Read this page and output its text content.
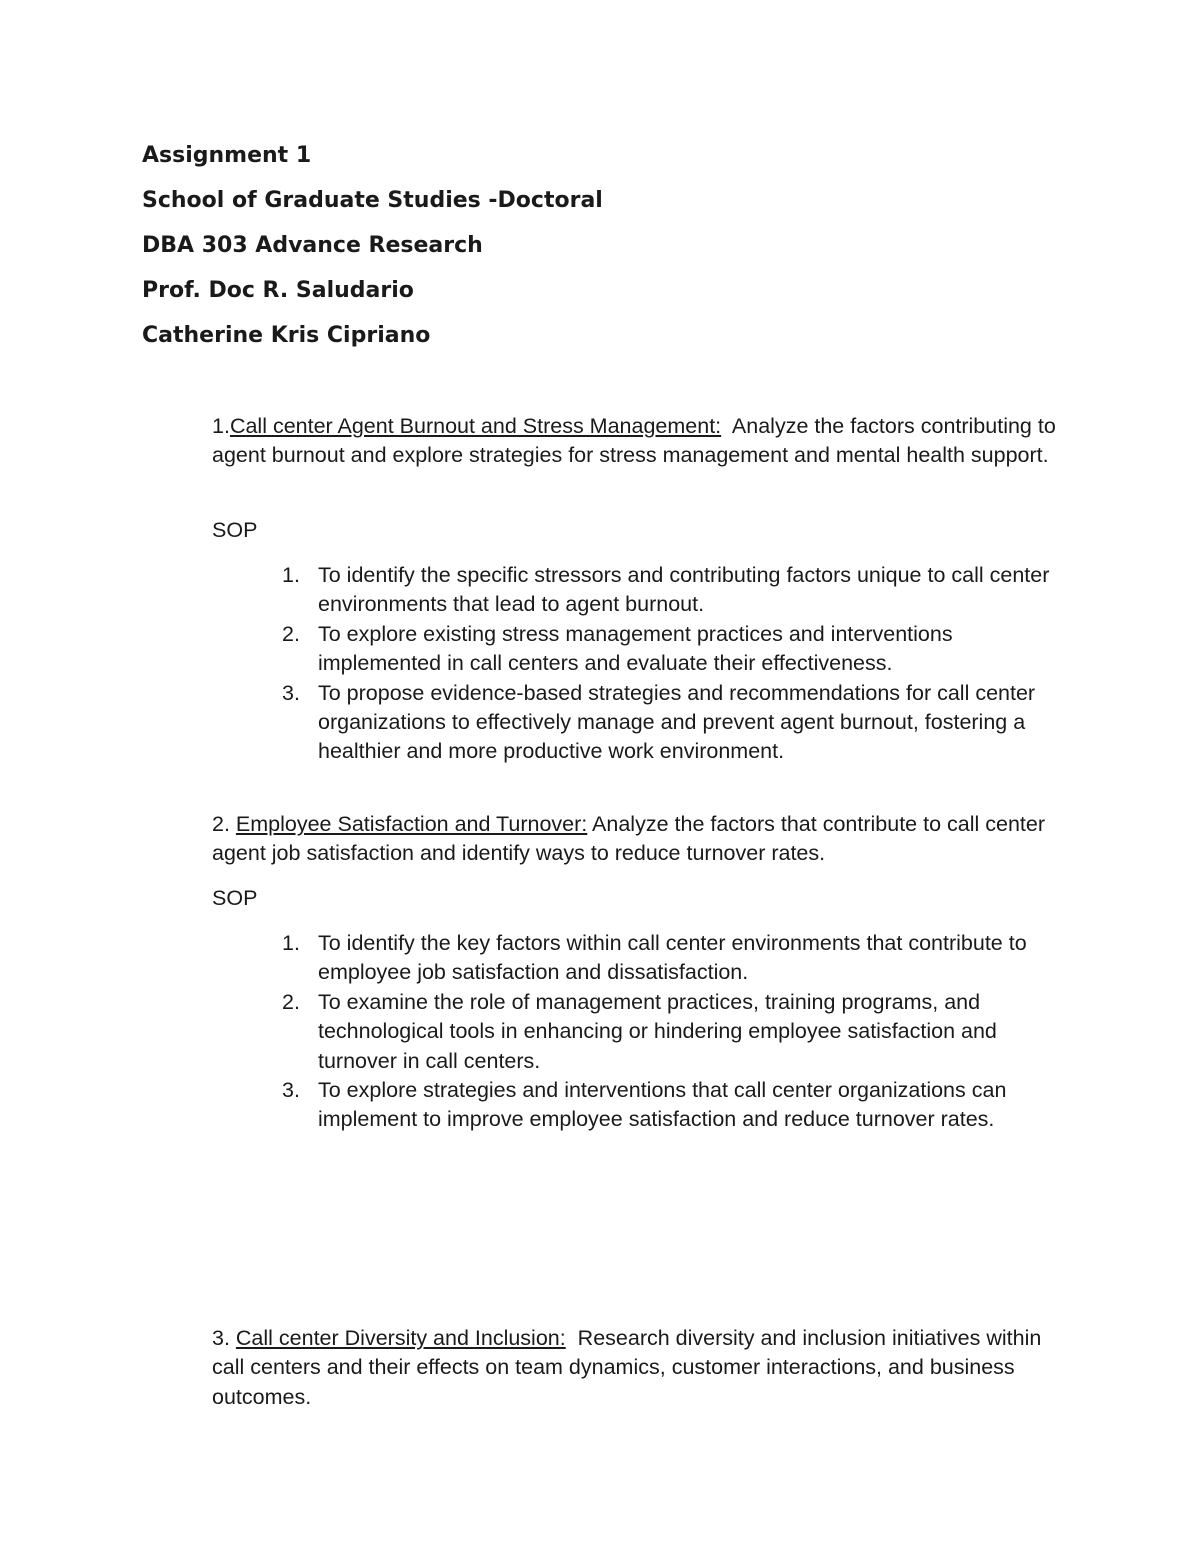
Assignment 1
School of Graduate Studies -Doctoral
DBA 303 Advance Research
Prof. Doc R. Saludario
Catherine Kris Cipriano
1.Call center Agent Burnout and Stress Management:  Analyze the factors contributing to agent burnout and explore strategies for stress management and mental health support.
SOP
1. To identify the specific stressors and contributing factors unique to call center environments that lead to agent burnout.
2. To explore existing stress management practices and interventions implemented in call centers and evaluate their effectiveness.
3. To propose evidence-based strategies and recommendations for call center organizations to effectively manage and prevent agent burnout, fostering a healthier and more productive work environment.
2. Employee Satisfaction and Turnover: Analyze the factors that contribute to call center agent job satisfaction and identify ways to reduce turnover rates.
SOP
1. To identify the key factors within call center environments that contribute to employee job satisfaction and dissatisfaction.
2. To examine the role of management practices, training programs, and technological tools in enhancing or hindering employee satisfaction and turnover in call centers.
3. To explore strategies and interventions that call center organizations can implement to improve employee satisfaction and reduce turnover rates.
3. Call center Diversity and Inclusion:  Research diversity and inclusion initiatives within call centers and their effects on team dynamics, customer interactions, and business outcomes.
